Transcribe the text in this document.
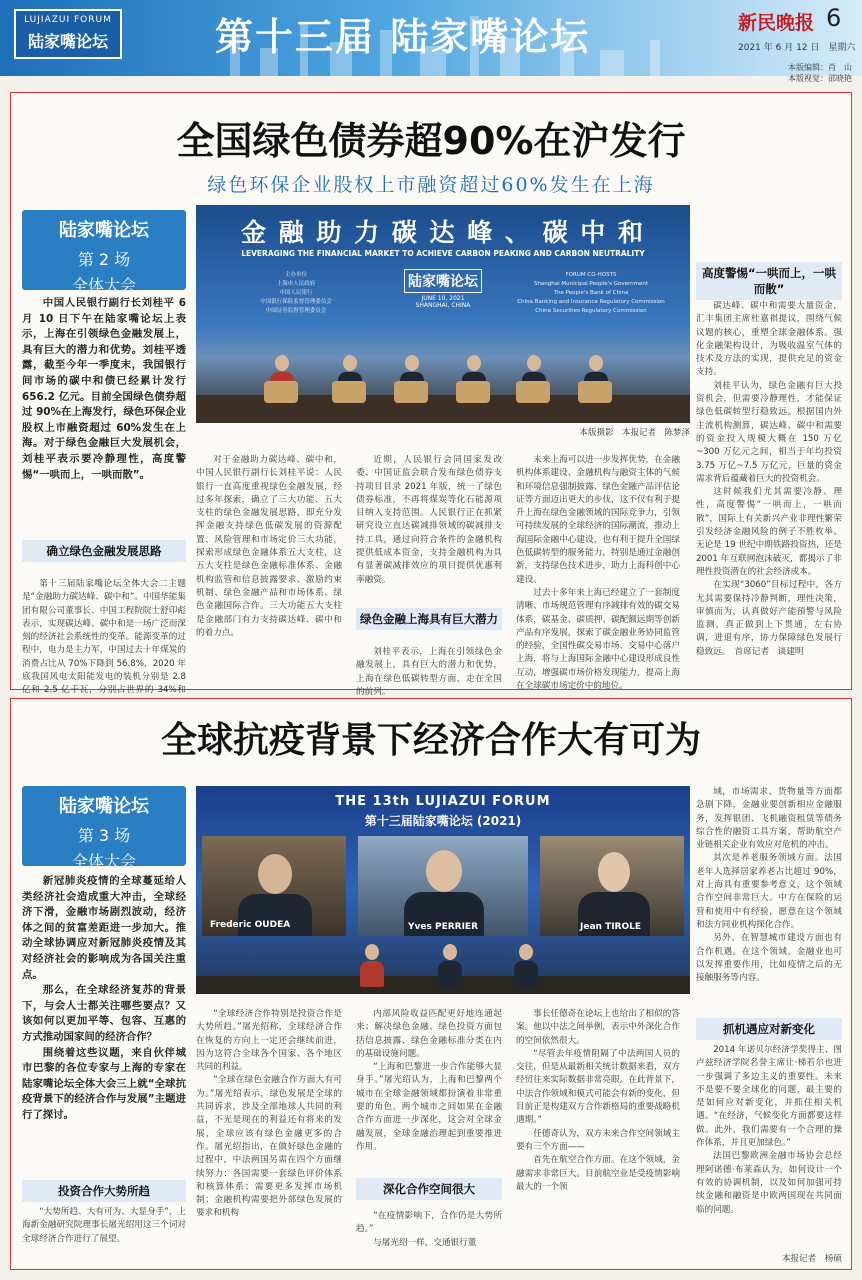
LUJIAZUI FORUM
陆家嘴论坛	第十三届 陆家嘴论坛	新民晚报 6
2021 年 6 月 12 日　星期六
本版编辑：肖　山
本版视觉：邵晓艳
全国绿色债券超90%在沪发行
绿色环保企业股权上市融资超过60%发生在上海
陆家嘴论坛
第 2 场
全体大会

中国人民银行副行长刘桂平 6 月 10 日下午在陆家嘴论坛上表示，上海在引领绿色金融发展上，具有巨大的潜力和优势。刘桂平透露，截至今年一季度末，我国银行间市场的碳中和债已经累计发行 656.2 亿元。目前全国绿色债券超过 90%在上海发行，绿色环保企业股权上市融资超过 60%发生在上海。对于绿色金融巨大发展机会，刘桂平表示要冷静理性，高度警惕“一哄而上，一哄而散”。

金 融 助 力 碳 达 峰 、 碳 中 和
LEVERAGING THE FINANCIAL MARKET TO ACHIEVE CARBON PEAKING AND CARBON NEUTRALITY
主办单位
上海市人民政府
中国人民银行
中国银行保险监督管理委员会
中国证券监督管理委员会
陆家嘴论坛
JUNE 10, 2021
SHANGHAI, CHINA
FORUM CO-HOSTS
Shanghai Municipal People's Government
The People's Bank of China
China Banking and Insurance Regulatory Commission
China Securities Regulatory Commission
本版摄影　本报记者　陈梦泽
确立绿色金融发展思路

第十三届陆家嘴论坛全体大会二主题是“金融助力碳达峰、碳中和”。中国华能集团有限公司董事长、中国工程院院士舒印彪表示，实现碳达峰、碳中和是一场广泛而深刻的经济社会系统性的变革。能源变革的过程中，电力是主力军，中国过去十年煤炭的消费占比从 70%下降到 56.8%，2020 年底我国风电太阳能发电的装机分别是 2.8 亿和 2.5 亿千瓦，分别占世界的 34%和

对于金融助力碳达峰、碳中和，中国人民银行副行长刘桂平说：人民银行一直高度重视绿色金融发展，经过多年探索，确立了三大功能、五大支柱的绿色金融发展思路，即充分发挥金融支持绿色低碳发展的资源配置、风险管理和市场定价三大功能，探索形成绿色金融体系五大支柱，这五大支柱是绿色金融标准体系、金融机构监管和信息披露要求、激励约束机制、绿色金融产品和市场体系、绿色金融国际合作。三大功能五大支柱是金融部门有力支持碳达峰、碳中和的着力点。

近期，人民银行会同国家发改委、中国证监会联合发布绿色债券支持项目目录 2021 年版，统一了绿色债券标准，不再将煤炭等化石能源项目纳入支持范围。人民银行正在抓紧研究设立直达碳减排领域的碳减排支持工具，通过向符合条件的金融机构提供低成本资金，支持金融机构为具有显著碳减排效应的项目提供优惠利率融资。

绿色金融上海具有巨大潜力

刘桂平表示，上海在引领绿色金融发展上，具有巨大的潜力和优势，上海在绿色低碳转型方面，走在全国的前列。

未来上海可以进一步发挥优势，在金融机构体系建设、金融机构与融资主体的气候和环境信息强制披露、绿色金融产品评估论证等方面迈出更大的步伐，这不仅有利于提升上海在绿色金融领域的国际竞争力，引领可持续发展的全球经济的国际潮流，推动上海国际金融中心建设，也有利于提升全国绿色低碳转型的服务能力，特别是通过金融创新，支持绿色技术进步，助力上海科创中心建设。

过去十多年来上海已经建立了一套制度清晰、市场规范管理有序减排有效的碳交易体系，碳基金、碳质押、碳配额远期等创新产品有序发展，探索了碳金融业务协同监管的经验，全国性碳交易市场、交易中心落户上海，将与上海国际金融中心建设形成良性互动，增强碳市场价格发现能力，提高上海在全球碳市场定价中的地位。

高度警惕“一哄而上，一哄而散”

碳达峰、碳中和需要大量资金，汇丰集团主席杜嘉祺提议，围绕气候议题的核心，重塑全球金融体系。强化金融架构设计，为吸收温室气体的技术及方法的实现，提供充足的资金支持。

刘桂平认为，绿色金融有巨大投资机会，但需要冷静理性，才能保证绿色低碳转型行稳致远。根据国内外主流机构测算，碳达峰、碳中和需要的资金投入规模大概在 150 万亿~300 万亿元之间，相当于年均投资 3.75 万亿~7.5 万亿元，巨量的资金需求背后蕴藏着巨大的投资机会。

这时候我们尤其需要冷静、理性，高度警惕“一哄而上，一哄而散”，国际上有关新兴产业非理性繁荣引发经济金融风险的例子不胜枚举。无论是 19 世纪中期铁路投资热，还是 2001 年互联网泡沫破灭，都揭示了非理性投资潜在的社会经济成本。

在实现“3060”目标过程中，各方尤其需要保持冷静判断，理性决策，审慎而为，认真做好产能預警与风险监测，真正做到上下贯通，左右协调，进退有序，协力保障绿色发展行稳致远。　首席记者　谈建明

全球抗疫背景下经济合作大有可为
陆家嘴论坛
第 3 场
全体大会

新冠肺炎疫情的全球蔓延给人类经济社会造成重大冲击，全球经济下滑，金融市场剧烈波动，经济体之间的贫富差距进一步加大。推动全球协调应对新冠肺炎疫情及其对经济社会的影响成为各国关注重点。

那么，在全球经济复苏的背景下，与会人士都关注哪些要点？又该如何以更加平等、包容、互惠的方式推动国家间的经济合作？

围绕着这些议题，来自伙伴城市巴黎的各位专家与上海的专家在陆家嘴论坛全体大会三上就“全球抗疫背景下的经济合作与发展”主题进行了探讨。

投资合作大势所趋

“大势所趋、大有可为、大显身手”，上海新金融研究院理事长屠光绍用这三个词对全球经济合作进行了展望。

THE 13th LUJIAZUI FORUM
第十三届陆家嘴论坛 (2021)
Frederic OUDEA	Yves PERRIER	Jean TIROLE

“全球经济合作特别是投资合作是大势所趋。”屠光绍称，全球经济合作在恢复的方向上一定还会继续前进，因为这符合全球各个国家、各个地区共同的利益。

“全球在绿色金融合作方面大有可为。”屠光绍表示，绿色发展是全球的共同诉求，涉及全部地球人共同的利益，不光是现在的利益还有将来的发展，全球应该有绿色金融更多的合作。屠光绍指出，在做好绿色金融的过程中，中法两国另需在四个方面继续努力：各国需要一套绿色评价体系和核算体系；需要更多发挥市场机制；金融机构需要把外部绿色发展的要求和机构

内部风险收益匹配更好地连通起来；解决绿色金融、绿色投资方面包括信息披露、绿色金融标准分类在内的基础设施问题。

“上海和巴黎进一步合作能够大显身手。”屠光绍认为，上海和巴黎两个城市在全球金融领域都扮演着非常重要的角色。两个城市之间如果在金融合作方面进一步深化，这会对全球金融发展，全球金融治理起到重要推进作用。

深化合作空间很大

“在疫情影响下，合作仍是大势所趋。”

与屠光绍一样，交通银行董

事长任德奇在论坛上也给出了相似的答案。他以中法之间举例，表示中外深化合作的空间依然很大。

“尽管去年疫情阻隔了中法两国人员的交往，但是从最新相关统计数据来看，双方经贸往来实际数据非常亮眼。在此背景下，中法合作领域和模式可能会有新的变化，但目前正是构建双方合作新格局的重要战略机遇期。”

任德奇认为，双方未来合作空间领域主要有三个方面——

首先在航空合作方面。在这个领域，金融需求非常巨大。目前航空业是受疫情影响最大的一个领

域，市场需求、货物量等方面都急剧下降，金融业要创新相应金融服务，发挥银团、飞机融资租赁等债务综合性的融资工具方案，帮助航空产业链相关企业有效应对危机的冲击。

其次是养老服务领域方面。法国老年人选择居家养老占比超过 90%，对上海具有重要参考意义，这个领域合作空间非常巨大。中方在保险的运营和使用中有经验，愿意在这个领域和法方同业机构探化合作。

另外，在智慧城市建设方面也有合作机遇。在这个领域，金融业也可以发挥重要作用，比如疫情之后的无接触服务等内容。

抓机遇应对新变化

2014 年诺贝尔经济学奖得主、图卢兹经济学院名誉主席让·梯若尔也进一步强调了多边主义的重要性。未来不是要不要全球化的问题，最主要的是如何应对新变化，并抓住相关机遇。“在经济，气候变化方面都要这样做。此外，我们需要有一个合理的操作体系，并且更加绿色。”

法国巴黎欧洲金融市场协会总经理阿诺德·布莱森认为，如何设计一个有效的协调机制，以及如何加强可持续金融和融资是中欧两国现在共同面临的问题。

本报记者　杨硕
